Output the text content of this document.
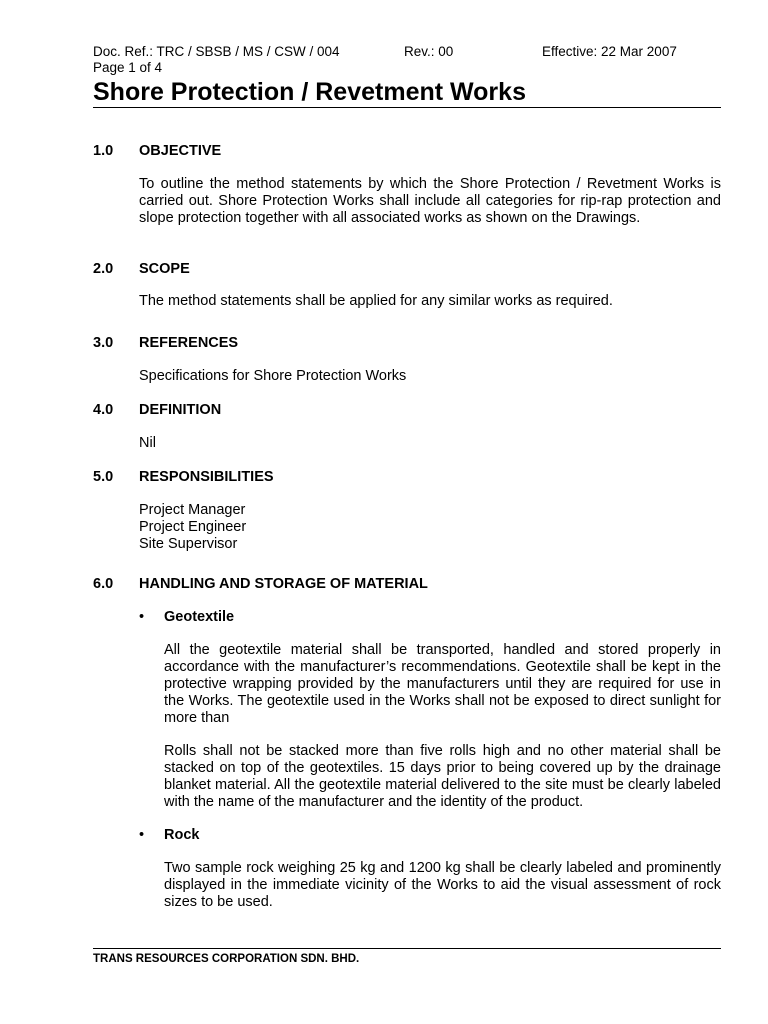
Doc. Ref.: TRC / SBSB / MS / CSW / 004	Rev.: 00	Effective: 22 Mar 2007
Page 1 of 4
Shore Protection / Revetment Works
1.0 OBJECTIVE

To outline the method statements by which the Shore Protection / Revetment Works is carried out. Shore Protection Works shall include all categories for rip-rap protection and slope protection together with all associated works as shown on the Drawings.

2.0 SCOPE

The method statements shall be applied for any similar works as required.

3.0 REFERENCES

Specifications for Shore Protection Works

4.0 DEFINITION

Nil

5.0 RESPONSIBILITIES

Project Manager

Project Engineer

Site Supervisor

6.0 HANDLING AND STORAGE OF MATERIAL
• Geotextile

All the geotextile material shall be transported, handled and stored properly in accordance with the manufacturer’s recommendations. Geotextile shall be kept in the protective wrapping provided by the manufacturers until they are required for use in the Works. The geotextile used in the Works shall not be exposed to direct sunlight for more than

Rolls shall not be stacked more than five rolls high and no other material shall be stacked on top of the geotextiles. 15 days prior to being covered up by the drainage blanket material. All the geotextile material delivered to the site must be clearly labeled with the name of the manufacturer and the identity of the product.

• Rock

Two sample rock weighing 25 kg and 1200 kg shall be clearly labeled and prominently displayed in the immediate vicinity of the Works to aid the visual assessment of rock sizes to be used.

TRANS RESOURCES CORPORATION SDN. BHD.
